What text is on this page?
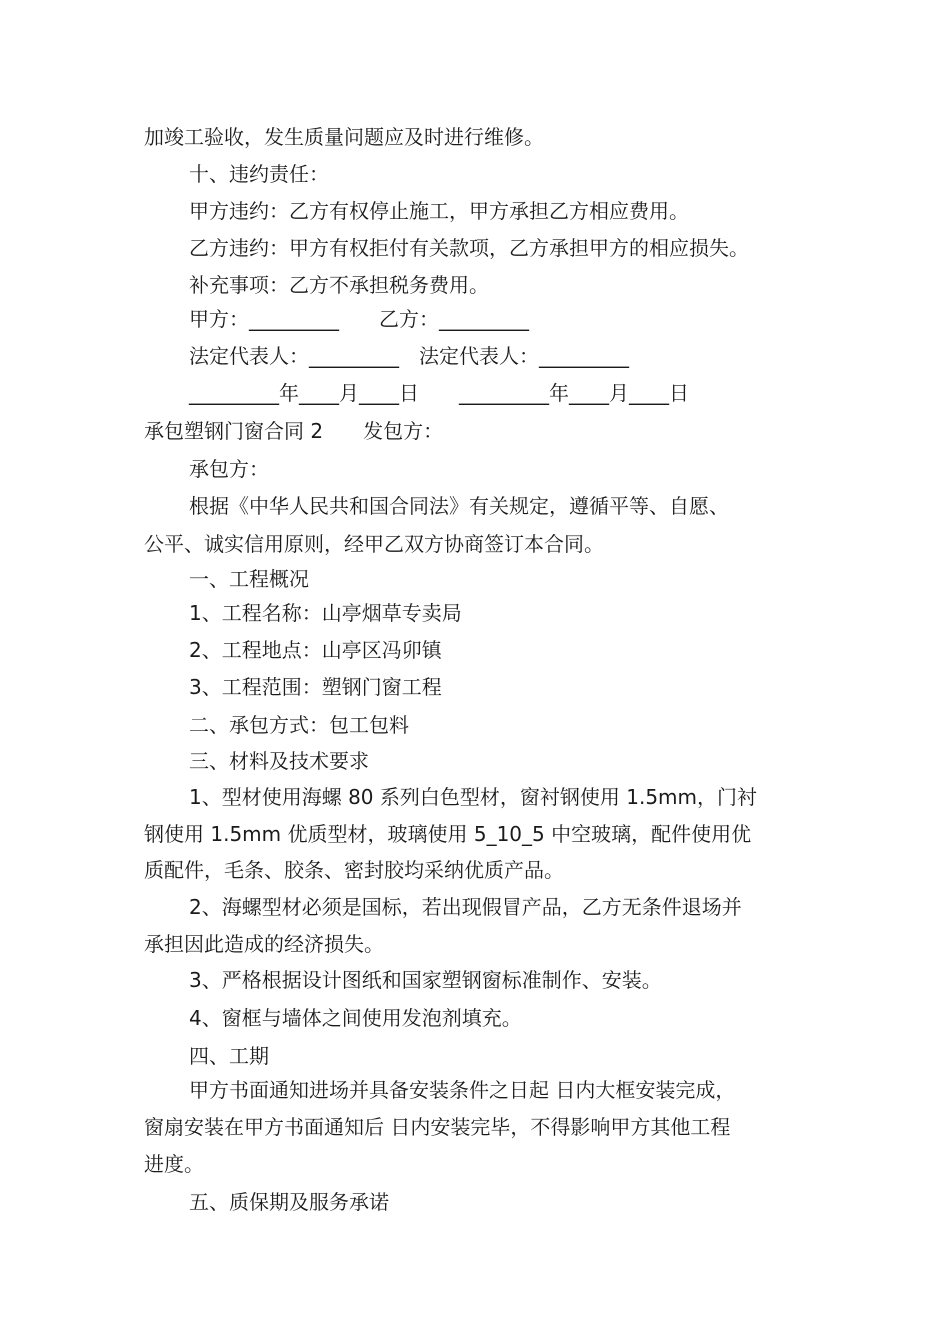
加竣工验收，发生质量问题应及时进行维修。
十、违约责任：
甲方违约：乙方有权停止施工，甲方承担乙方相应费用。
乙方违约：甲方有权拒付有关款项，乙方承担甲方的相应损失。
补充事项：乙方不承担税务费用。
甲方：_________　　乙方：_________
法定代表人：_________　法定代表人：_________
_________年____月____日　　_________年____月____日
承包塑钢门窗合同 2　　发包方：
承包方：
根据《中华人民共和国合同法》有关规定，遵循平等、自愿、
公平、诚实信用原则，经甲乙双方协商签订本合同。
一、工程概况
1、工程名称：山亭烟草专卖局
2、工程地点：山亭区冯卯镇
3、工程范围：塑钢门窗工程
二、承包方式：包工包料
三、材料及技术要求
1、型材使用海螺 80 系列白色型材，窗衬钢使用 1.5mm，门衬
钢使用 1.5mm 优质型材，玻璃使用 5_10_5 中空玻璃，配件使用优
质配件，毛条、胶条、密封胶均采纳优质产品。
2、海螺型材必须是国标，若出现假冒产品，乙方无条件退场并
承担因此造成的经济损失。
3、严格根据设计图纸和国家塑钢窗标准制作、安装。
4、窗框与墙体之间使用发泡剂填充。
四、工期
甲方书面通知进场并具备安装条件之日起 日内大框安装完成，
窗扇安装在甲方书面通知后 日内安装完毕，不得影响甲方其他工程
进度。
五、质保期及服务承诺
